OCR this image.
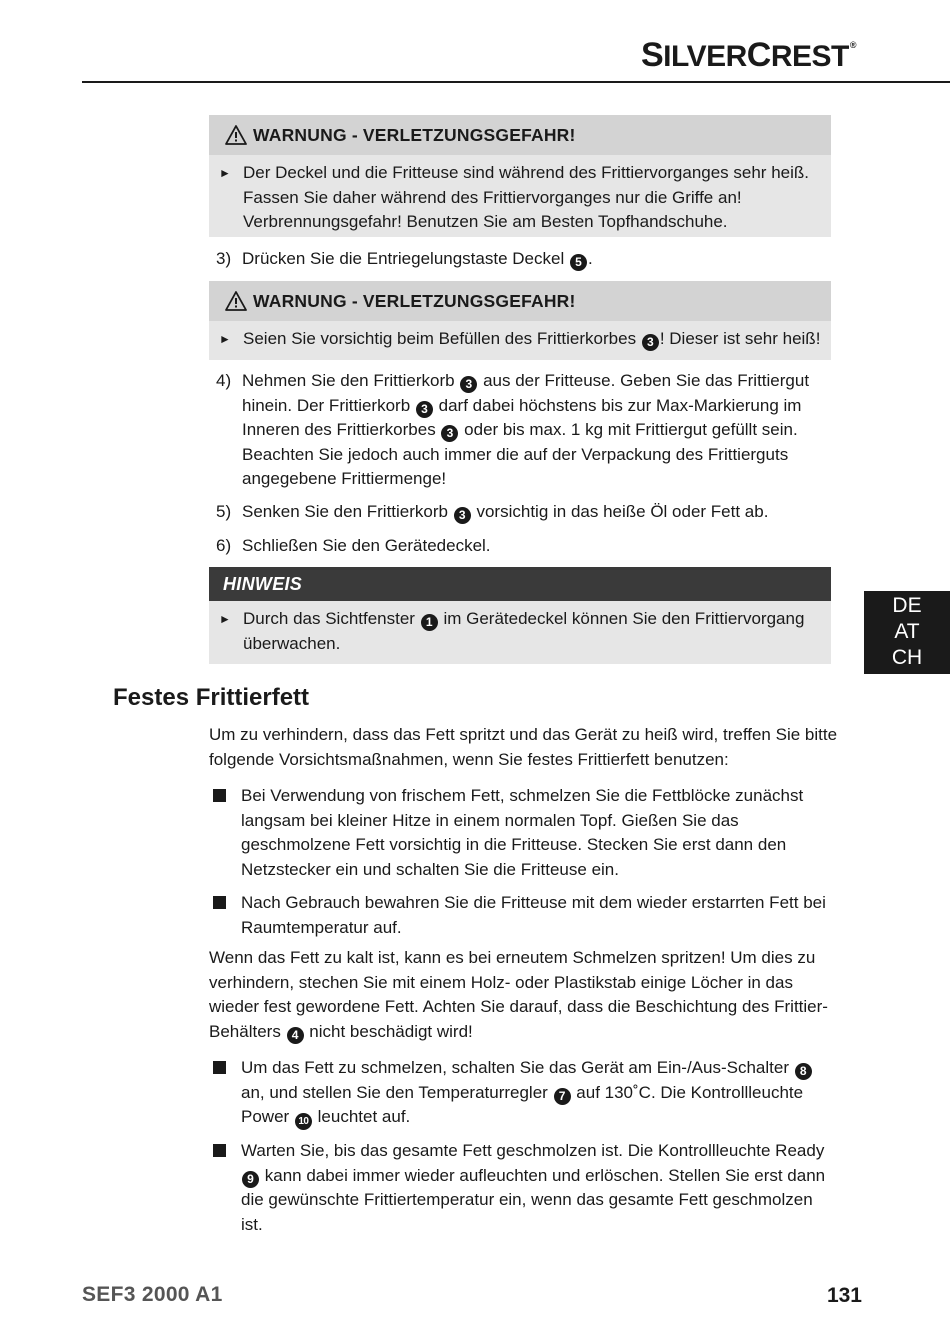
SILVERCREST®
DE
AT
CH
WARNUNG - VERLETZUNGSGEFAHR!
► Der Deckel und die Fritteuse sind während des Frittiervorganges sehr heiß. Fassen Sie daher während des Frittiervorganges nur die Griffe an! Verbrennungsgefahr! Benutzen Sie am Besten Topfhandschuhe.
3) Drücken Sie die Entriegelungstaste Deckel 5 .
WARNUNG - VERLETZUNGSGEFAHR!
► Seien Sie vorsichtig beim Befüllen des Frittierkorbes 3 ! Dieser ist sehr heiß!
4) Nehmen Sie den Frittierkorb 3 aus der Fritteuse. Geben Sie das Frittiergut hinein. Der Frittierkorb 3 darf dabei höchstens bis zur Max-Markierung im Inneren des Frittierkorbes 3 oder bis max. 1 kg mit Frittiergut gefüllt sein. Beachten Sie jedoch auch immer die auf der Verpackung des Frittierguts angegebene Frittiermenge!
5) Senken Sie den Frittierkorb 3 vorsichtig in das heiße Öl oder Fett ab.
6) Schließen Sie den Gerätedeckel.
HINWEIS
► Durch das Sichtfenster 1 im Gerätedeckel können Sie den Frittiervorgang überwachen.
Festes Frittierfett
Um zu verhindern, dass das Fett spritzt und das Gerät zu heiß wird, treffen Sie bitte folgende Vorsichtsmaßnahmen, wenn Sie festes Frittierfett benutzen:
Bei Verwendung von frischem Fett, schmelzen Sie die Fettblöcke zunächst langsam bei kleiner Hitze in einem normalen Topf. Gießen Sie das geschmolzene Fett vorsichtig in die Fritteuse. Stecken Sie erst dann den Netzstecker ein und schalten Sie die Fritteuse ein.
Nach Gebrauch bewahren Sie die Fritteuse mit dem wieder erstarrten Fett bei Raumtemperatur auf.
Wenn das Fett zu kalt ist, kann es bei erneutem Schmelzen spritzen! Um dies zu verhindern, stechen Sie mit einem Holz- oder Plastikstab einige Löcher in das wieder fest gewordene Fett. Achten Sie darauf, dass die Beschichtung des Frittier-Behälters 4 nicht beschädigt wird!
Um das Fett zu schmelzen, schalten Sie das Gerät am Ein-/Aus-Schalter 8 an, und stellen Sie den Temperaturregler 7 auf 130˚C. Die Kontrollleuchte Power 10 leuchtet auf.
Warten Sie, bis das gesamte Fett geschmolzen ist. Die Kontrollleuchte Ready 9 kann dabei immer wieder aufleuchten und erlöschen. Stellen Sie erst dann die gewünschte Frittiertemperatur ein, wenn das gesamte Fett geschmolzen ist.
SEF3 2000 A1	131
